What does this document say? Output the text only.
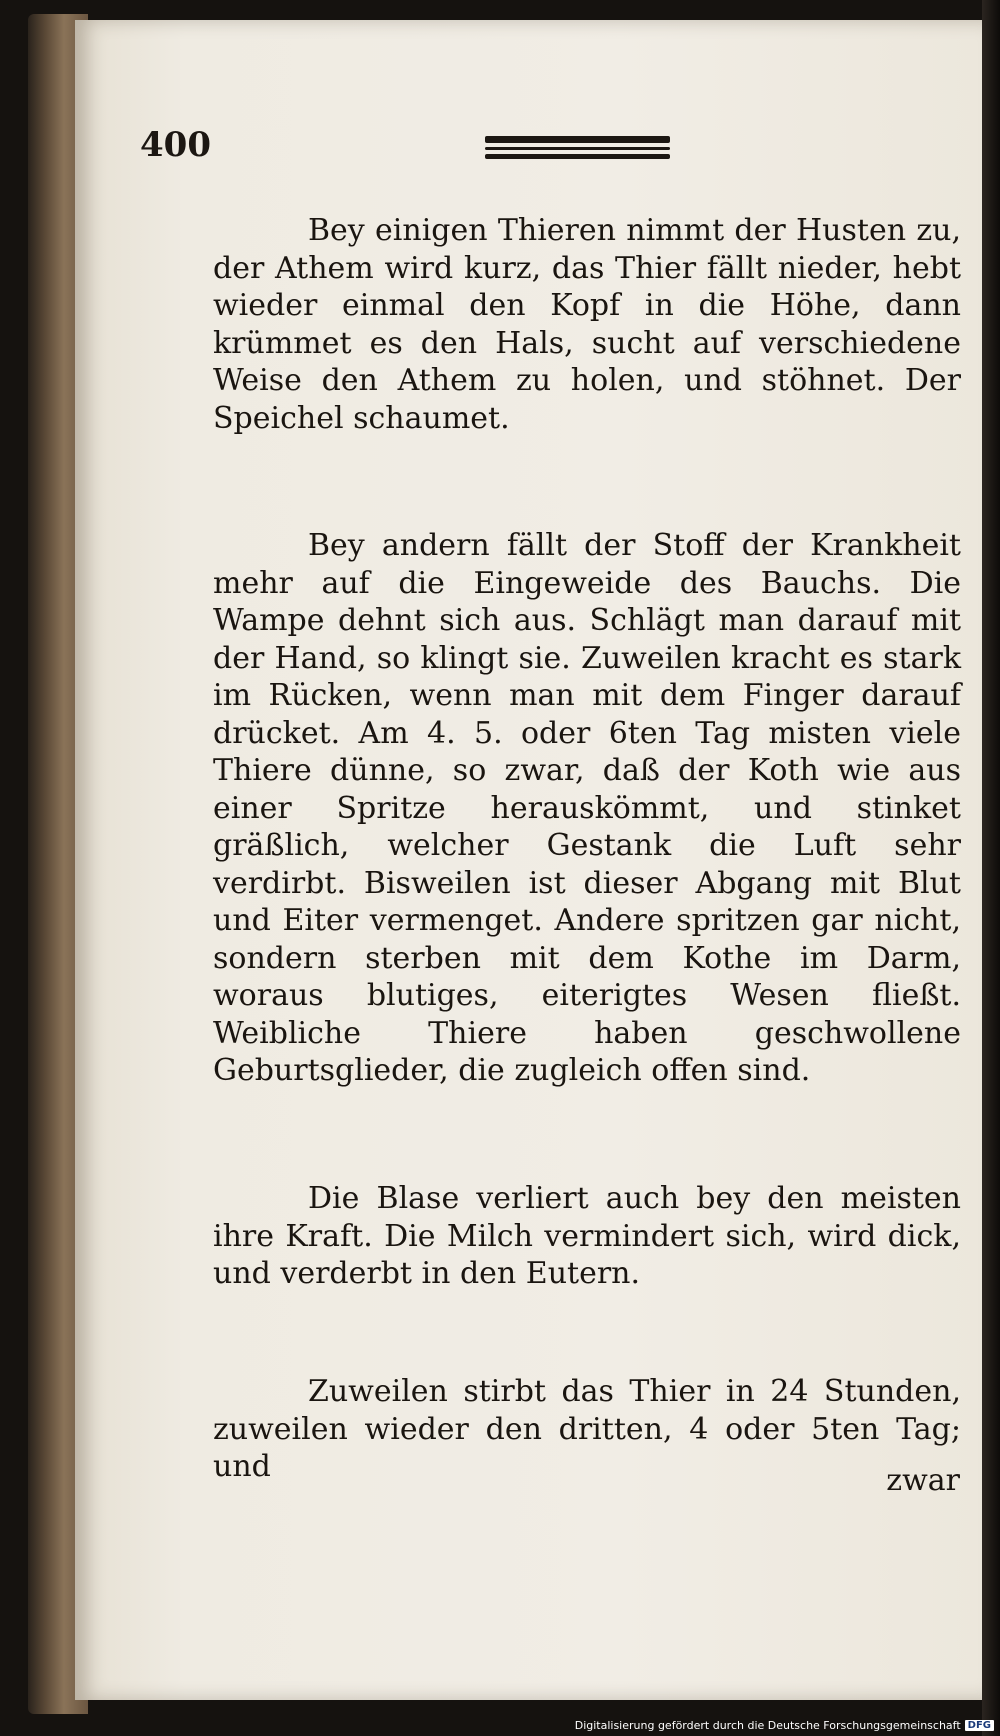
400

Bey einigen Thieren nimmt der Husten zu, der Athem wird kurz, das Thier fällt nieder, hebt wieder einmal den Kopf in die Höhe, dann krümmet es den Hals, sucht auf verschiedene Weise den Athem zu holen, und stöhnet. Der Speichel schaumet.

Bey andern fällt der Stoff der Krankheit mehr auf die Eingeweide des Bauchs. Die Wampe dehnt sich aus. Schlägt man darauf mit der Hand, so klingt sie. Zuweilen kracht es stark im Rücken, wenn man mit dem Finger darauf drücket. Am 4. 5. oder 6ten Tag misten viele Thiere dünne, so zwar, daß der Koth wie aus einer Spritze herauskömmt, und stinket gräßlich, welcher Gestank die Luft sehr verdirbt. Bisweilen ist dieser Abgang mit Blut und Eiter vermenget. Andere spritzen gar nicht, sondern sterben mit dem Kothe im Darm, woraus blutiges, eiterigtes Wesen fließt. Weibliche Thiere haben geschwollene Geburtsglieder, die zugleich offen sind.

Die Blase verliert auch bey den meisten ihre Kraft. Die Milch vermindert sich, wird dick, und verderbt in den Eutern.

Zuweilen stirbt das Thier in 24 Stunden, zuweilen wieder den dritten, 4 oder 5ten Tag; und	zwar
Digitalisierung gefördert durch die Deutsche Forschungsgemeinschaft DFG
